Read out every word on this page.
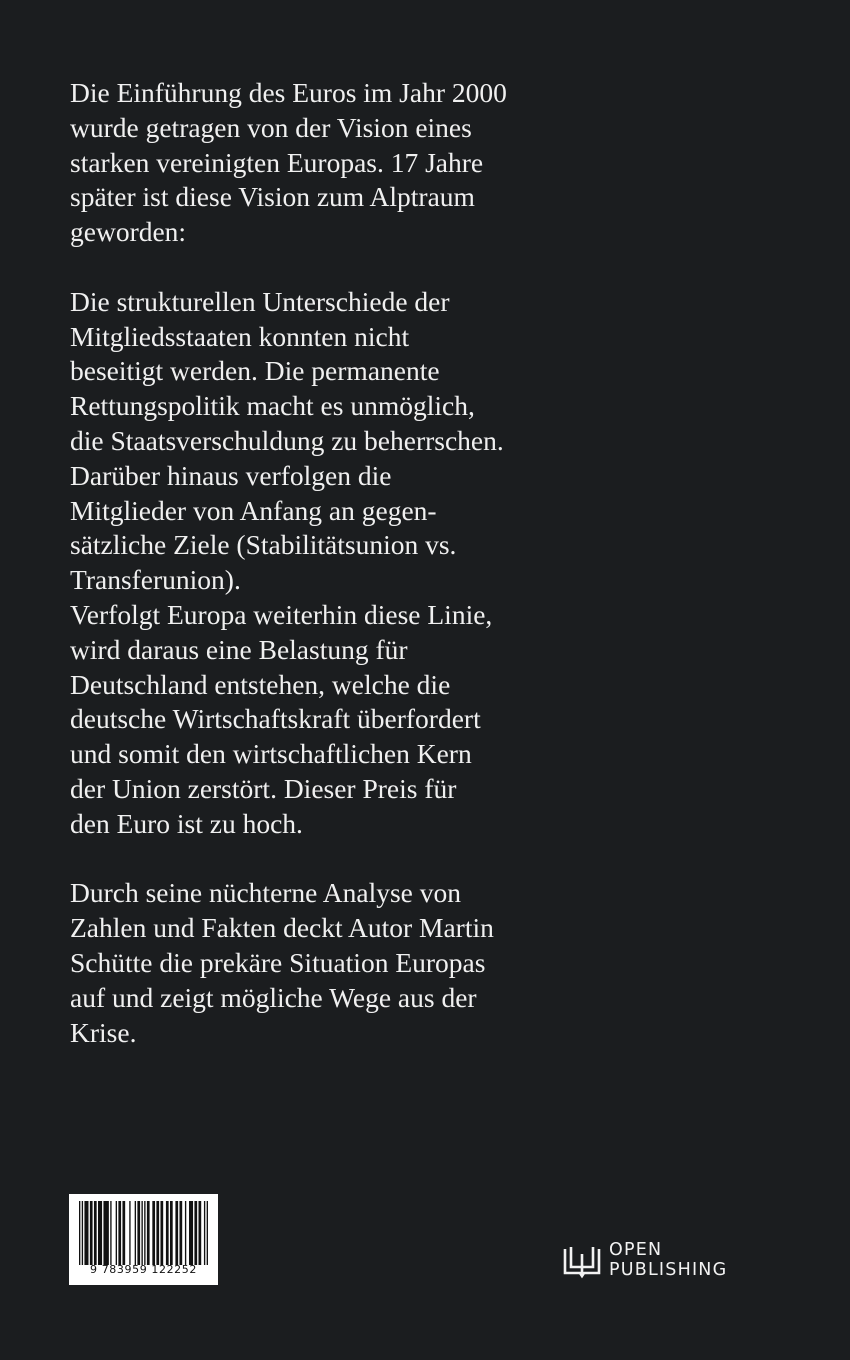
Die Einführung des Euros im Jahr 2000
wurde getragen von der Vision eines
starken vereinigten Europas. 17 Jahre
später ist diese Vision zum Alptraum
geworden:

Die strukturellen Unterschiede der
Mitgliedsstaaten konnten nicht
beseitigt werden. Die permanente
Rettungspolitik macht es unmöglich,
die Staatsverschuldung zu beherrschen.
Darüber hinaus verfolgen die
Mitglieder von Anfang an gegen-
sätzliche Ziele (Stabilitätsunion vs.
Transferunion).
Verfolgt Europa weiterhin diese Linie,
wird daraus eine Belastung für
Deutschland entstehen, welche die
deutsche Wirtschaftskraft überfordert
und somit den wirtschaftlichen Kern
der Union zerstört. Dieser Preis für
den Euro ist zu hoch.

Durch seine nüchterne Analyse von
Zahlen und Fakten deckt Autor Martin
Schütte die prekäre Situation Europas
auf und zeigt mögliche Wege aus der
Krise.

9 783959 122252
OPEN
PUBLISHING
